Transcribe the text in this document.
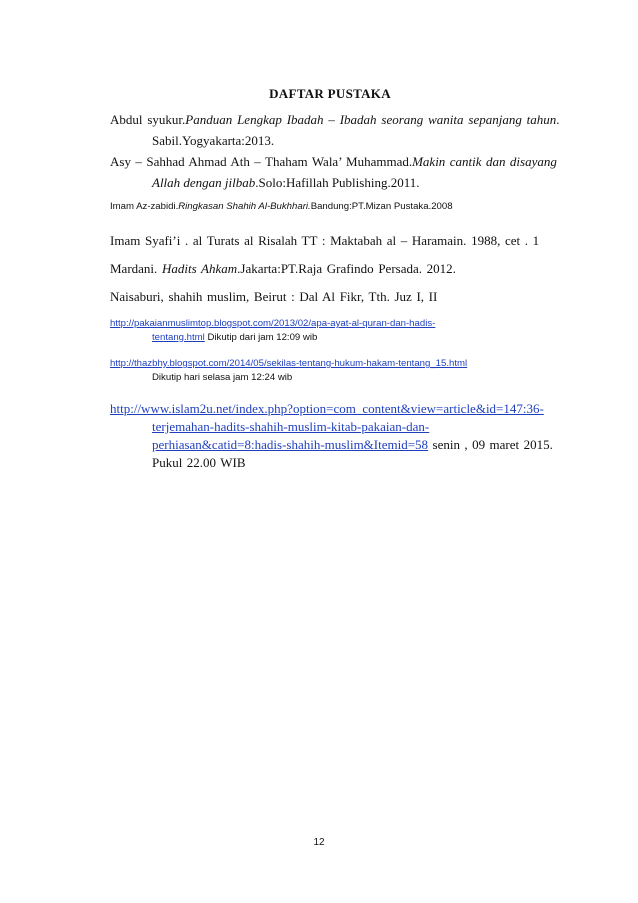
DAFTAR PUSTAKA
Abdul syukur.Panduan Lengkap Ibadah – Ibadah seorang wanita sepanjang tahun.
Sabil.Yogyakarta:2013.
Asy – Sahhad Ahmad Ath – Thaham Wala’ Muhammad.Makin cantik dan disayang
Allah dengan jilbab.Solo:Hafillah Publishing.2011.
Imam Az-zabidi.Ringkasan Shahih Al-Bukhhari.Bandung:PT.Mizan Pustaka.2008
Imam Syafi’i . al Turats al Risalah TT : Maktabah al – Haramain. 1988, cet . 1
Mardani. Hadits Ahkam.Jakarta:PT.Raja Grafindo Persada. 2012.
Naisaburi, shahih muslim, Beirut : Dal Al Fikr, Tth. Juz I, II
http://pakaianmuslimtop.blogspot.com/2013/02/apa-ayat-al-quran-dan-hadis-
tentang.html Dikutip dari jam 12:09 wib
http://thazbhy.blogspot.com/2014/05/sekilas-tentang-hukum-hakam-tentang_15.html
Dikutip hari selasa jam 12:24 wib
http://www.islam2u.net/index.php?option=com_content&view=article&id=147:36-
terjemahan-hadits-shahih-muslim-kitab-pakaian-dan-
perhiasan&catid=8:hadis-shahih-muslim&Itemid=58 senin , 09 maret 2015.
Pukul 22.00 WIB
12
